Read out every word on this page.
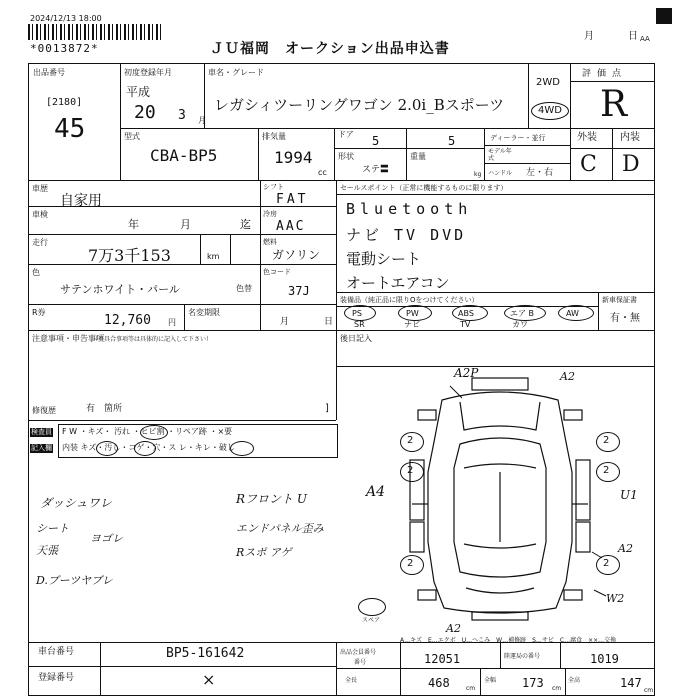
2024/12/13 18:00
*0013872*	ＪＵ福岡　オークション出品申込書
月	日 AA
出品番号
[2180]
45
初度登録年月
平成
20 3 月
車名・グレード
レガシィツーリングワゴン 2.0i_Bスポーツ
2WD
4WD
評価点
R
外装 内装
C D
型式
CBA-BP5
排気量
1994
cc
ドア 5	5
形状
ステ〓
重量
kg
ディーラー・並行
モデル年式
ハンドル 左・右
車歴
自家用
車検
年	月	迄
走行
7万3千153	km
色
サテンホワイト・パール	色替
R券
12,760 円
名変期限
月	日
シフト
FAT
冷房
AAC
燃料
ガソリン
色コード
37J
セールスポイント（正常に機能するものに限ります）
Bluetooth
ナビ TV DVD
電動シート
オートエアコン
装備品（純正品に限りOをつけてください）
PS	PW	ABS	エア B	AW
SR	ナビ	TV	カワ
新車保証書
有・無
注意事項・申告事項
（不具合事項等は具体的に記入して下さい）
修復歴	有 箇所	]
後日記入
検査員 F W ・キズ・ 汚れ ・ヒビ割 ・リペア跡 ・×要
記入欄 内装 キズ・汚し・コゲ・穴・ス レ・キレ・破し
ダッシュワレ
シート
天張
ヨゴレ
D.ブーツヤブレ
Rフロント U
エンドパネル歪み
Rスポ アゲ
スペア
A2P	A2
A4	U1
A2
W2
A2
2	2
2
2	2
2
A…キズ　E…エクボ　U…へこみ　W…補修跡　S…サビ　C…腐食　××…交換
車台番号	BP5-161642
登録番号	×
出品会員番号
番号	12051	陸運局の番号	1019
全長	468	cm
全幅 173 cm
全高	147
cm
